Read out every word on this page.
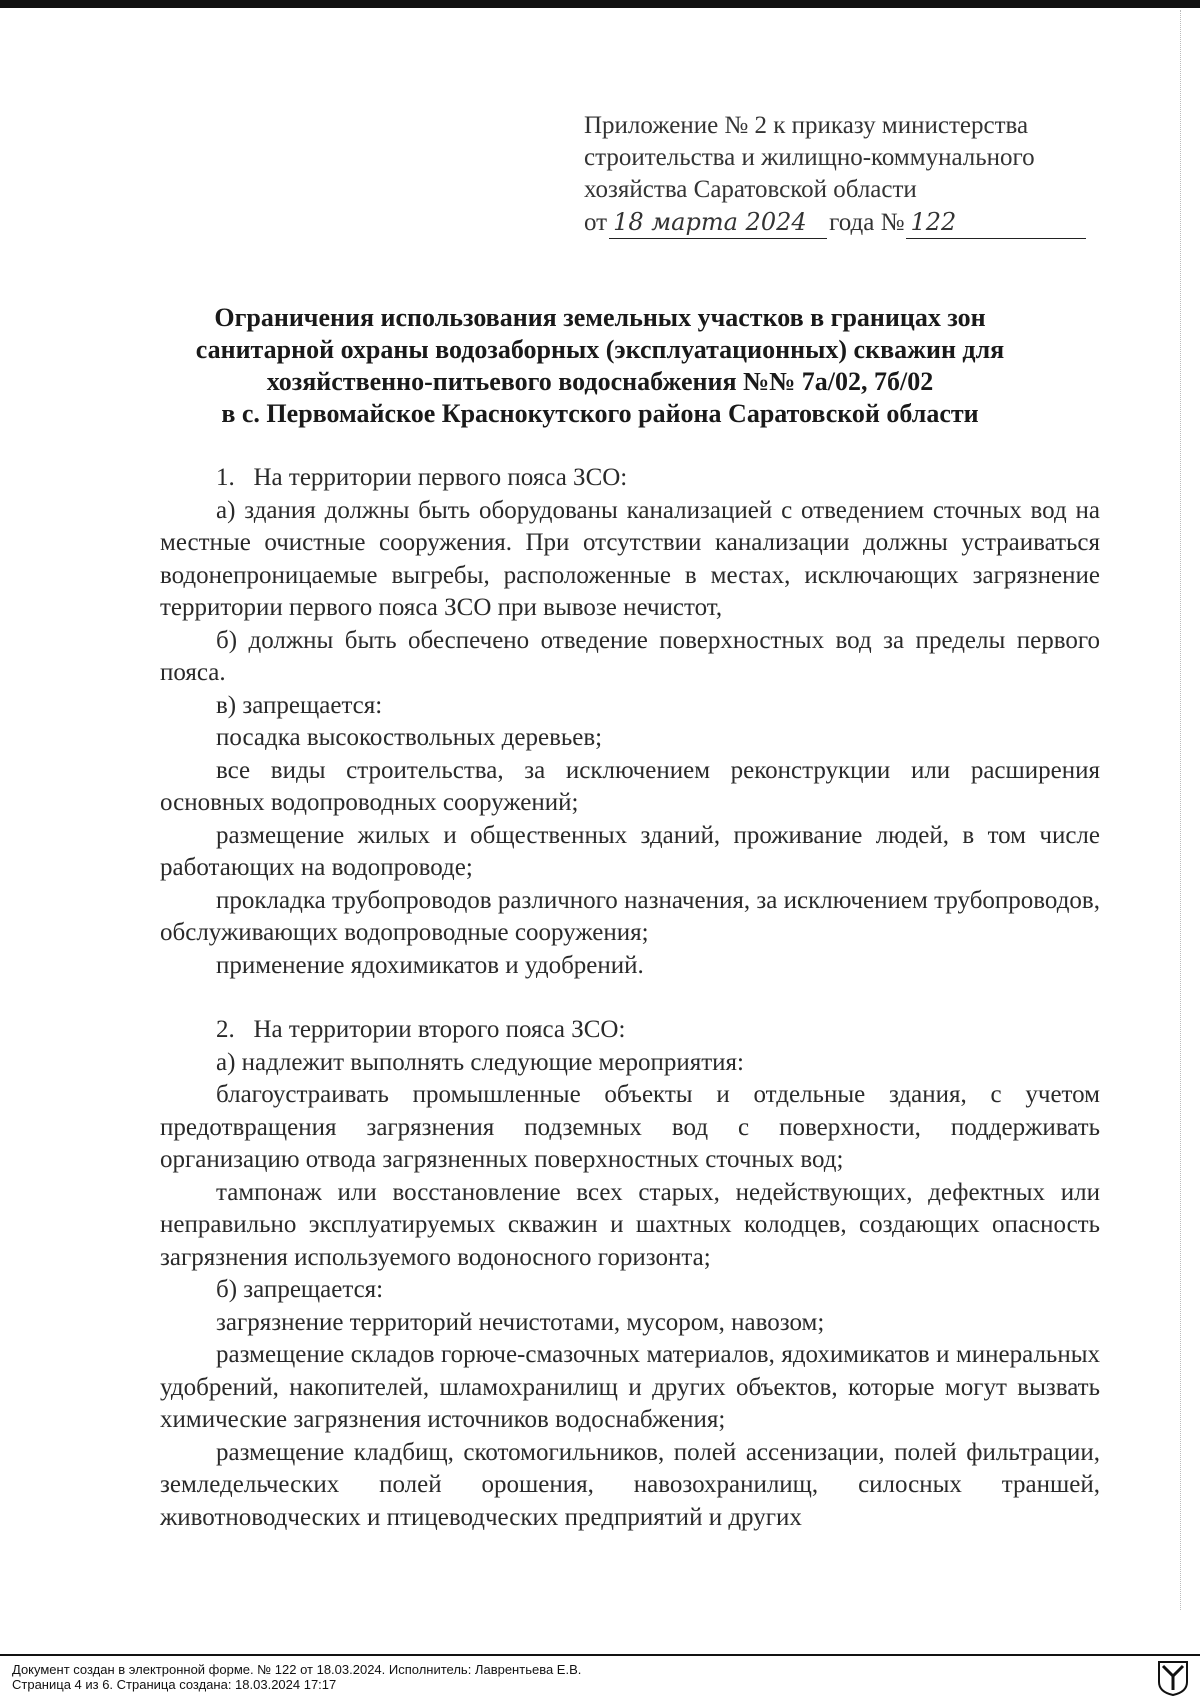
Приложение № 2 к приказу министерства
строительства и жилищно-коммунального
хозяйства Саратовской области
от 18 марта 2024 года № 122
Ограничения использования земельных участков в границах зон
санитарной охраны водозаборных (эксплуатационных) скважин для
хозяйственно-питьевого водоснабжения №№ 7а/02, 7б/02
в с. Первомайское Краснокутского района Саратовской области

1.   На территории первого пояса ЗСО:

а) здания должны быть оборудованы канализацией с отведением сточных вод на местные очистные сооружения. При отсутствии канализации должны устраиваться водонепроницаемые выгребы, расположенные в местах, исключающих загрязнение территории первого пояса ЗСО при вывозе нечистот,

б) должны быть обеспечено отведение поверхностных вод за пределы первого пояса.

в) запрещается:

посадка высокоствольных деревьев;

все виды строительства, за исключением реконструкции или расширения основных водопроводных сооружений;

размещение жилых и общественных зданий, проживание людей, в том числе работающих на водопроводе;

прокладка трубопроводов различного назначения, за исключением трубопроводов, обслуживающих водопроводные сооружения;

применение ядохимикатов и удобрений.

2.   На территории второго пояса ЗСО:

а) надлежит выполнять следующие мероприятия:

благоустраивать промышленные объекты и отдельные здания, с учетом предотвращения загрязнения подземных вод с поверхности, поддерживать организацию отвода загрязненных поверхностных сточных вод;

тампонаж или восстановление всех старых, недействующих, дефектных или неправильно эксплуатируемых скважин и шахтных колодцев, создающих опасность загрязнения используемого водоносного горизонта;

б) запрещается:

загрязнение территорий нечистотами, мусором, навозом;

размещение складов горюче-смазочных материалов, ядохимикатов и минеральных удобрений, накопителей, шламохранилищ и других объектов, которые могут вызвать химические загрязнения источников водоснабжения;

размещение кладбищ, скотомогильников, полей ассенизации, полей фильтрации, земледельческих полей орошения, навозохранилищ, силосных траншей, животноводческих и птицеводческих предприятий и других

Документ создан в электронной форме. № 122 от 18.03.2024. Исполнитель: Лаврентьева Е.В.
Страница 4 из 6. Страница создана: 18.03.2024 17:17
